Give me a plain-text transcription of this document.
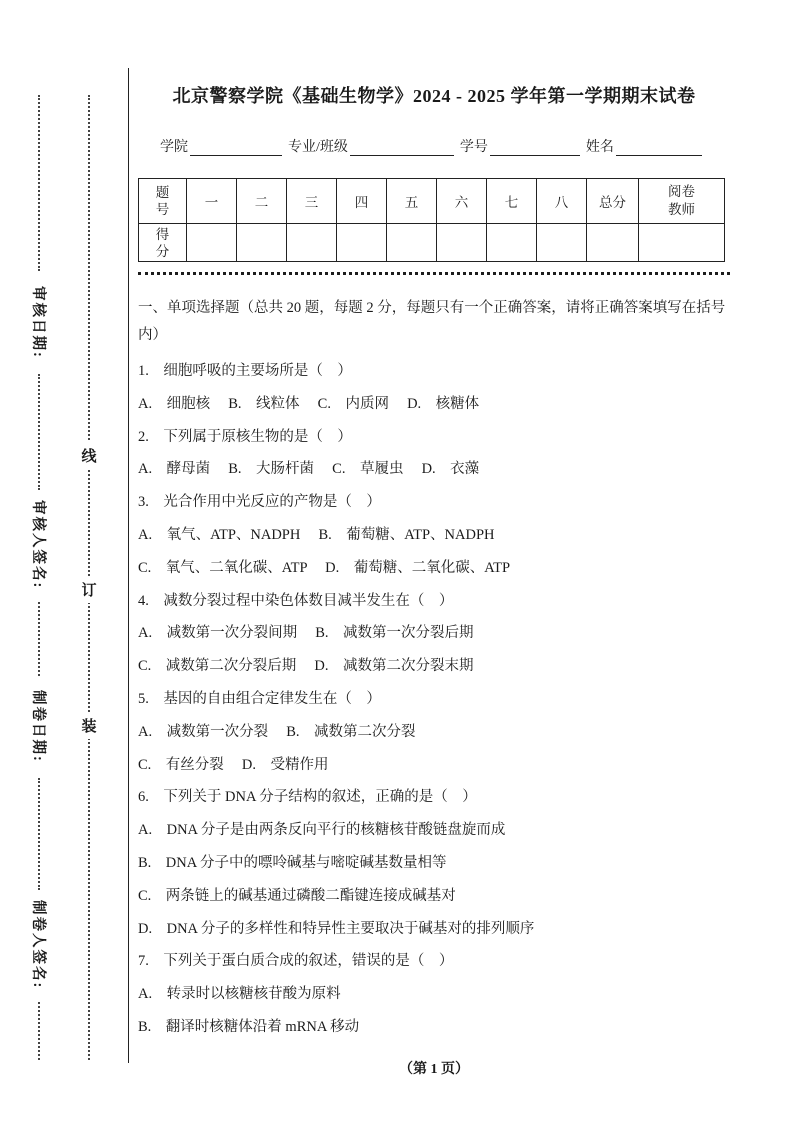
审核日期:
审核人签名:
制卷日期:
制卷人签名:
线
订
装
北京警察学院《基础生物学》2024 - 2025 学年第一学期期末试卷
学院	专业/班级	学号	姓名
题号	一	二	三	四	五	六	七	八	总分	阅卷教师
得分										
一、单项选择题（总共 20 题，每题 2 分，每题只有一个正确答案，请将正确答案填写在括号内）
1.　细胞呼吸的主要场所是（　）
A.　细胞核　 B.　线粒体　 C.　内质网　 D.　核糖体
2.　下列属于原核生物的是（　）
A.　酵母菌　 B.　大肠杆菌　 C.　草履虫　 D.　衣藻
3.　光合作用中光反应的产物是（　）
A.　氧气、ATP、NADPH　 B.　葡萄糖、ATP、NADPH
C.　氧气、二氧化碳、ATP　 D.　葡萄糖、二氧化碳、ATP
4.　减数分裂过程中染色体数目减半发生在（　）
A.　减数第一次分裂间期　 B.　减数第一次分裂后期
C.　减数第二次分裂后期　 D.　减数第二次分裂末期
5.　基因的自由组合定律发生在（　）
A.　减数第一次分裂　 B.　减数第二次分裂
C.　有丝分裂　 D.　受精作用
6.　下列关于 DNA 分子结构的叙述，正确的是（　）
A.　DNA 分子是由两条反向平行的核糖核苷酸链盘旋而成
B.　DNA 分子中的嘌呤碱基与嘧啶碱基数量相等
C.　两条链上的碱基通过磷酸二酯键连接成碱基对
D.　DNA 分子的多样性和特异性主要取决于碱基对的排列顺序
7.　下列关于蛋白质合成的叙述，错误的是（　）
A.　转录时以核糖核苷酸为原料
B.　翻译时核糖体沿着 mRNA 移动
（第 1 页）
